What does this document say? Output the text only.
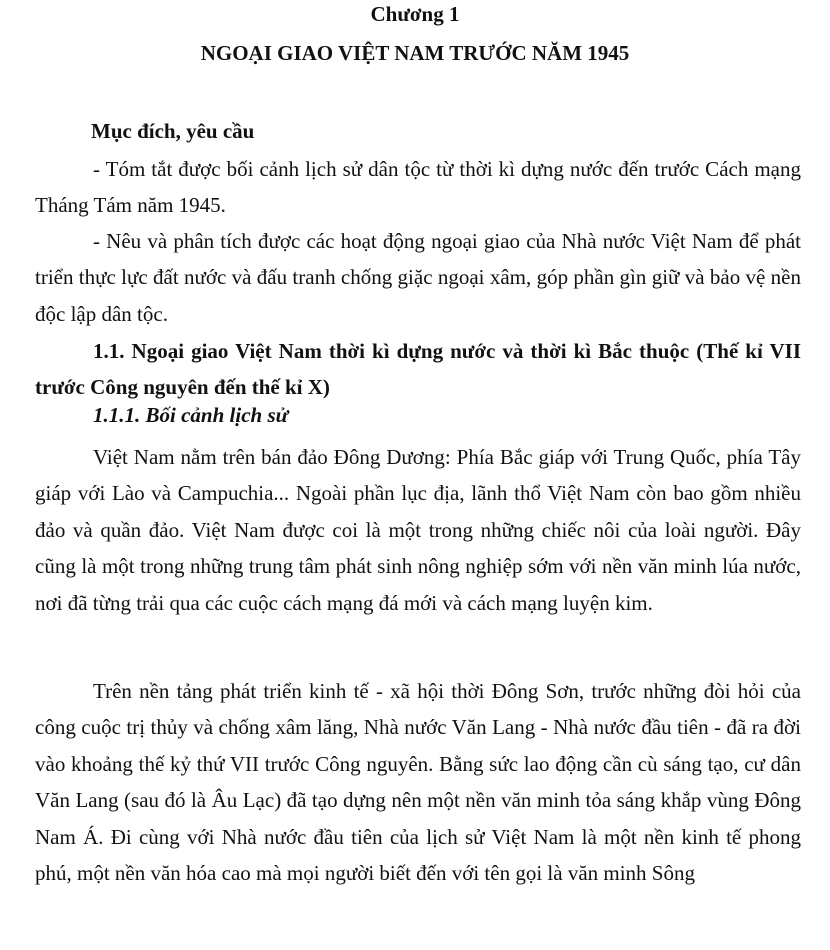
Chương 1
NGOẠI GIAO VIỆT NAM TRƯỚC NĂM 1945
Mục đích, yêu cầu

- Tóm tắt được bối cảnh lịch sử dân tộc từ thời kì dựng nước đến trước Cách mạng Tháng Tám năm 1945.

- Nêu và phân tích được các hoạt động ngoại giao của Nhà nước Việt Nam để phát triển thực lực đất nước và đấu tranh chống giặc ngoại xâm, góp phần gìn giữ và bảo vệ nền độc lập dân tộc.

1.1. Ngoại giao Việt Nam thời kì dựng nước và thời kì Bắc thuộc (Thế kỉ VII trước Công nguyên đến thế kỉ X)
1.1.1. Bối cảnh lịch sử

Việt Nam nằm trên bán đảo Đông Dương: Phía Bắc giáp với Trung Quốc, phía Tây giáp với Lào và Campuchia... Ngoài phần lục địa, lãnh thổ Việt Nam còn bao gồm nhiều đảo và quần đảo. Việt Nam được coi là một trong những chiếc nôi của loài người. Đây cũng là một trong những trung tâm phát sinh nông nghiệp sớm với nền văn minh lúa nước, nơi đã từng trải qua các cuộc cách mạng đá mới và cách mạng luyện kim.

Trên nền tảng phát triển kinh tế - xã hội thời Đông Sơn, trước những đòi hỏi của công cuộc trị thủy và chống xâm lăng, Nhà nước Văn Lang - Nhà nước đầu tiên - đã ra đời vào khoảng thế kỷ thứ VII trước Công nguyên. Bằng sức lao động cần cù sáng tạo, cư dân Văn Lang (sau đó là Âu Lạc) đã tạo dựng nên một nền văn minh tỏa sáng khắp vùng Đông Nam Á. Đi cùng với Nhà nước đầu tiên của lịch sử Việt Nam là một nền kinh tế phong phú, một nền văn hóa cao mà mọi người biết đến với tên gọi là văn minh Sông
